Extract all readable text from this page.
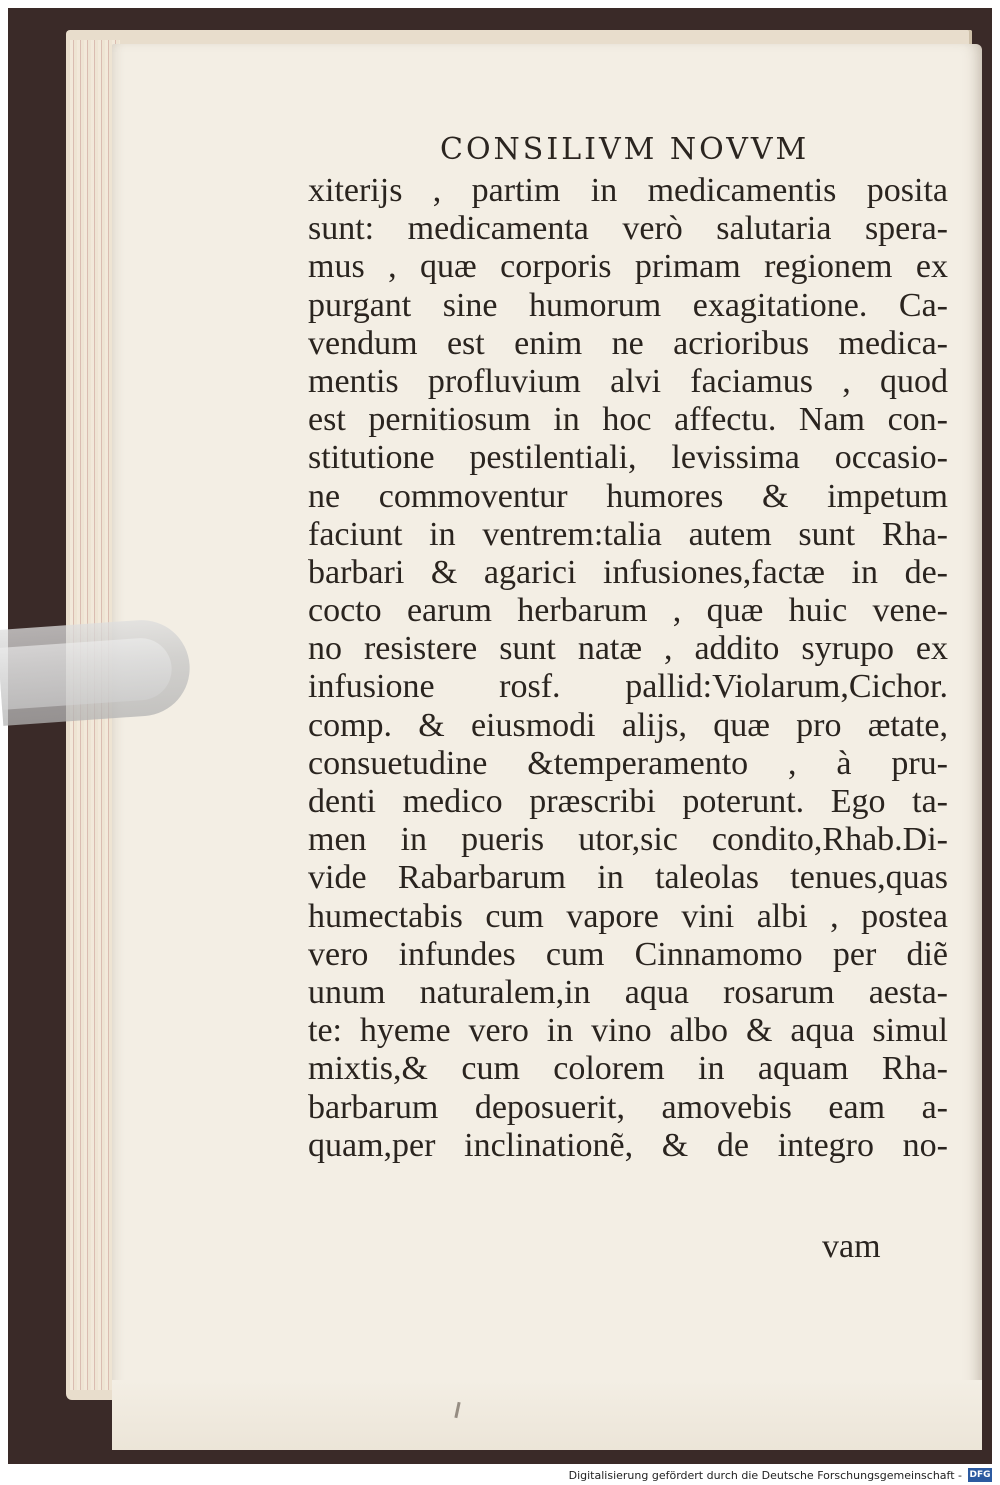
CONSILIVM NOVVM
xiterijs , partim in medicamentis posita
sunt: medicamenta verò salutaria spera-
mus , quæ corporis primam regionem ex
purgant sine humorum exagitatione. Ca-
vendum est enim ne acrioribus medica-
mentis profluvium alvi faciamus , quod
est pernitiosum in hoc affectu. Nam con-
stitutione pestilentiali, levissima occasio-
ne commoventur humores & impetum
faciunt in ventrem:talia autem sunt Rha-
barbari & agarici infusiones,factæ in de-
cocto earum herbarum , quæ huic vene-
no resistere sunt natæ , addito syrupo ex
infusione rosf. pallid:Violarum,Cichor.
comp. & eiusmodi alijs, quæ pro ætate,
consuetudine &temperamento , à pru-
denti medico præscribi poterunt. Ego ta-
men in pueris utor,sic condito,Rhab.Di-
vide Rabarbarum in taleolas tenues,quas
humectabis cum vapore vini albi , postea
vero infundes cum Cinnamomo per diẽ
unum naturalem,in aqua rosarum aesta-
te: hyeme vero in vino albo & aqua simul
mixtis,& cum colorem in aquam Rha-
barbarum deposuerit, amovebis eam a-
quam,per inclinationẽ, & de integro no-
vam
Digitalisierung gefördert durch die Deutsche Forschungsgemeinschaft - DFG
